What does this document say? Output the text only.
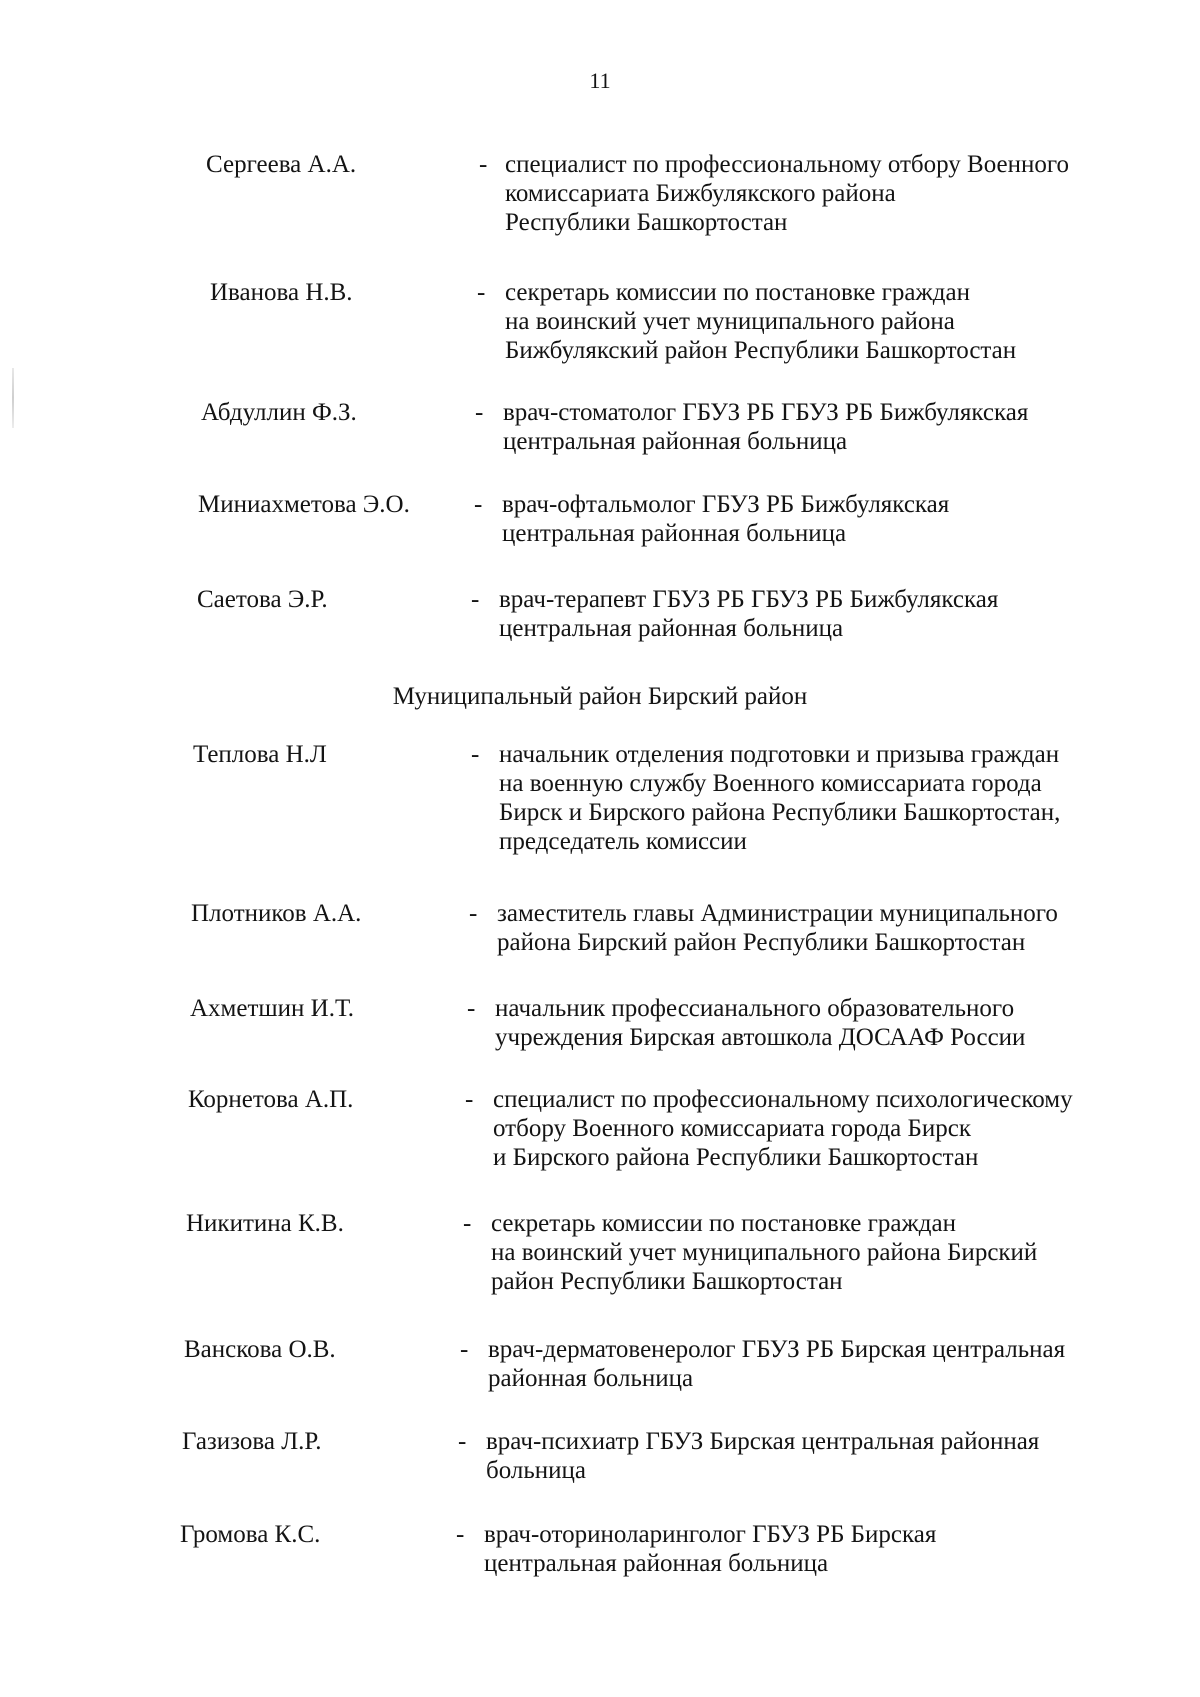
11
Сергеева А.А.	- специалист по профессиональному отбору Военного
комиссариата Бижбулякского района
Республики Башкортостан
Иванова Н.В.	- секретарь комиссии по постановке граждан
на воинский учет муниципального района
Бижбулякский район Республики Башкортостан
Абдуллин Ф.З.	- врач-стоматолог ГБУЗ РБ ГБУЗ РБ Бижбулякская
центральная районная больница
Миниахметова Э.О.	- врач-офтальмолог ГБУЗ РБ Бижбулякская
центральная районная больница
Саетова Э.Р.	- врач-терапевт ГБУЗ РБ ГБУЗ РБ Бижбулякская
центральная районная больница
Муниципальный район Бирский район
Теплова Н.Л	- начальник отделения подготовки и призыва граждан
на военную службу Военного комиссариата города
Бирск и Бирского района Республики Башкортостан,
председатель комиссии
Плотников А.А.	- заместитель главы Администрации муниципального
района Бирский район Республики Башкортостан
Ахметшин И.Т.	- начальник профессианального образовательного
учреждения Бирская автошкола ДОСААФ России
Корнетова А.П.	- специалист по профессиональному психологическому
отбору Военного комиссариата города Бирск
и Бирского района Республики Башкортостан
Никитина К.В.	- секретарь комиссии по постановке граждан
на воинский учет муниципального района Бирский
район Республики Башкортостан
Ванскова О.В.	- врач-дерматовенеролог ГБУЗ РБ Бирская центральная
районная больница
Газизова Л.Р.	- врач-психиатр ГБУЗ Бирская центральная районная
больница
Громова К.С.	- врач-оториноларинголог ГБУЗ РБ Бирская
центральная районная больница
